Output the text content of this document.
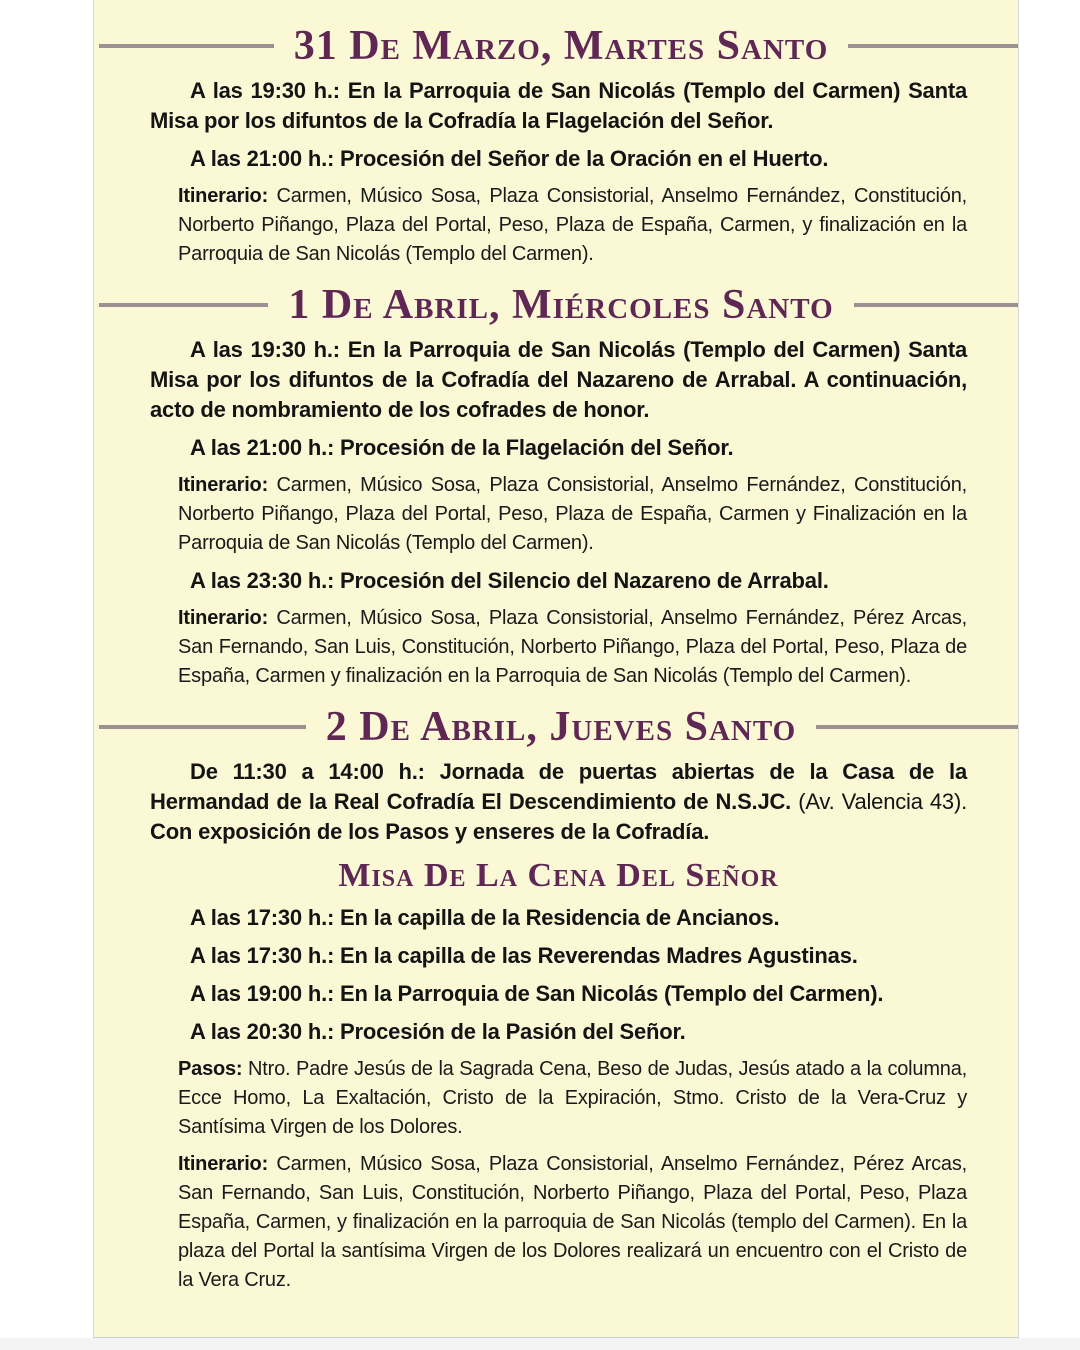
31 De Marzo, Martes Santo

A las 19:30 h.: En la Parroquia de San Nicolás (Templo del Carmen) Santa Misa por los difuntos de la Cofradía la Flagelación del Señor.

A las 21:00 h.: Procesión del Señor de la Oración en el Huerto.

Itinerario: Carmen, Músico Sosa, Plaza Consistorial, Anselmo Fernández, Constitución, Norberto Piñango, Plaza del Portal, Peso, Plaza de España, Carmen, y finalización en la Parroquia de San Nicolás (Templo del Carmen).

1 De Abril, Miércoles Santo

A las 19:30 h.: En la Parroquia de San Nicolás (Templo del Carmen) Santa Misa por los difuntos de la Cofradía del Nazareno de Arrabal. A continuación, acto de nombramiento de los cofrades de honor.

A las 21:00 h.: Procesión de la Flagelación del Señor.

Itinerario: Carmen, Músico Sosa, Plaza Consistorial, Anselmo Fernández, Constitución, Norberto Piñango, Plaza del Portal, Peso, Plaza de España, Carmen y Finalización en la Parroquia de San Nicolás (Templo del Carmen).

A las 23:30 h.: Procesión del Silencio del Nazareno de Arrabal.

Itinerario: Carmen, Músico Sosa, Plaza Consistorial, Anselmo Fernández, Pérez Arcas, San Fernando, San Luis, Constitución, Norberto Piñango, Plaza del Portal, Peso, Plaza de España, Carmen y finalización en la Parroquia de San Nicolás (Templo del Carmen).

2 De Abril, Jueves Santo

De 11:30 a 14:00 h.: Jornada de puertas abiertas de la Casa de la Hermandad de la Real Cofradía El Descendimiento de N.S.JC. (Av. Valencia 43). Con exposición de los Pasos y enseres de la Cofradía.

Misa De La Cena Del Señor

A las 17:30 h.: En la capilla de la Residencia de Ancianos.

A las 17:30 h.: En la capilla de las Reverendas Madres Agustinas.

A las 19:00 h.: En la Parroquia de San Nicolás (Templo del Carmen).

A las 20:30 h.: Procesión de la Pasión del Señor.

Pasos: Ntro. Padre Jesús de la Sagrada Cena, Beso de Judas, Jesús atado a la columna, Ecce Homo, La Exaltación, Cristo de la Expiración, Stmo. Cristo de la Vera-Cruz y Santísima Virgen de los Dolores.

Itinerario: Carmen, Músico Sosa, Plaza Consistorial, Anselmo Fernández, Pérez Arcas, San Fernando, San Luis, Constitución, Norberto Piñango, Plaza del Portal, Peso, Plaza España, Carmen, y finalización en la parroquia de San Nicolás (templo del Carmen). En la plaza del Portal la santísima Virgen de los Dolores realizará un encuentro con el Cristo de la Vera Cruz.
